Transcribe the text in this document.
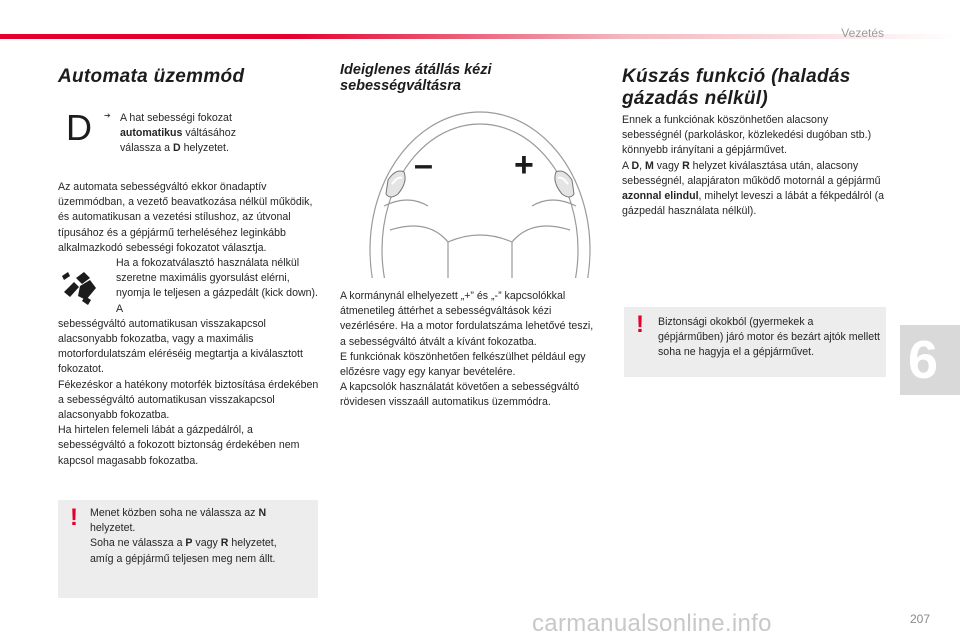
Vezetés
Automata üzemmód
D ➔ A hat sebességi fokozat
automatikus váltásához
válassza a D helyzetet.

Az automata sebességváltó ekkor önadaptív üzemmódban, a vezető beavatkozása nélkül működik, és automatikusan a vezetési stílushoz, az útvonal típusához és a gépjármű terheléséhez leginkább alkalmazkodó sebességi fokozatot választja.

Ha a fokozatválasztó használata nélkül szeretne maximális gyorsulást elérni, nyomja le teljesen a gázpedált (kick down). A

sebességváltó automatikusan visszakapcsol alacsonyabb fokozatba, vagy a maximális motorfordulatszám eléréséig megtartja a kiválasztott fokozatot.

Fékezéskor a hatékony motorfék biztosítása érdekében a sebességváltó automatikusan visszakapcsol alacsonyabb fokozatba.

Ha hirtelen felemeli lábát a gázpedálról, a sebességváltó a fokozott biztonság érdekében nem kapcsol magasabb fokozatba.

! Menet közben soha ne válassza az N
helyzetet.
Soha ne válassza a P vagy R helyzetet,
amíg a gépjármű teljesen meg nem állt.

Ideiglenes átállás kézi
sebességváltásra
– +

A kormánynál elhelyezett „+” és „-” kapcsolókkal átmenetileg áttérhet a sebességváltások kézi vezérlésére. Ha a motor fordulatszáma lehetővé teszi, a sebességváltó átvált a kívánt fokozatba.

E funkciónak köszönhetően felkészülhet például egy előzésre vagy egy kanyar bevételére.

A kapcsolók használatát követően a sebességváltó rövidesen visszaáll automatikus üzemmódra.

Kúszás funkció (haladás
gázadás nélkül)

Ennek a funkciónak köszönhetően alacsony sebességnél (parkoláskor, közlekedési dugóban stb.) könnyebb irányítani a gépjárművet.

A D, M vagy R helyzet kiválasztása után, alacsony sebességnél, alapjáraton működő motornál a gépjármű azonnal elindul, mihelyt leveszi a lábát a fékpedálról (a gázpedál használata nélkül).

! Biztonsági okokból (gyermekek a gépjárműben) járó motor és bezárt ajtók mellett soha ne hagyja el a gépjárművet.	6
carmanualsonline.info	207
